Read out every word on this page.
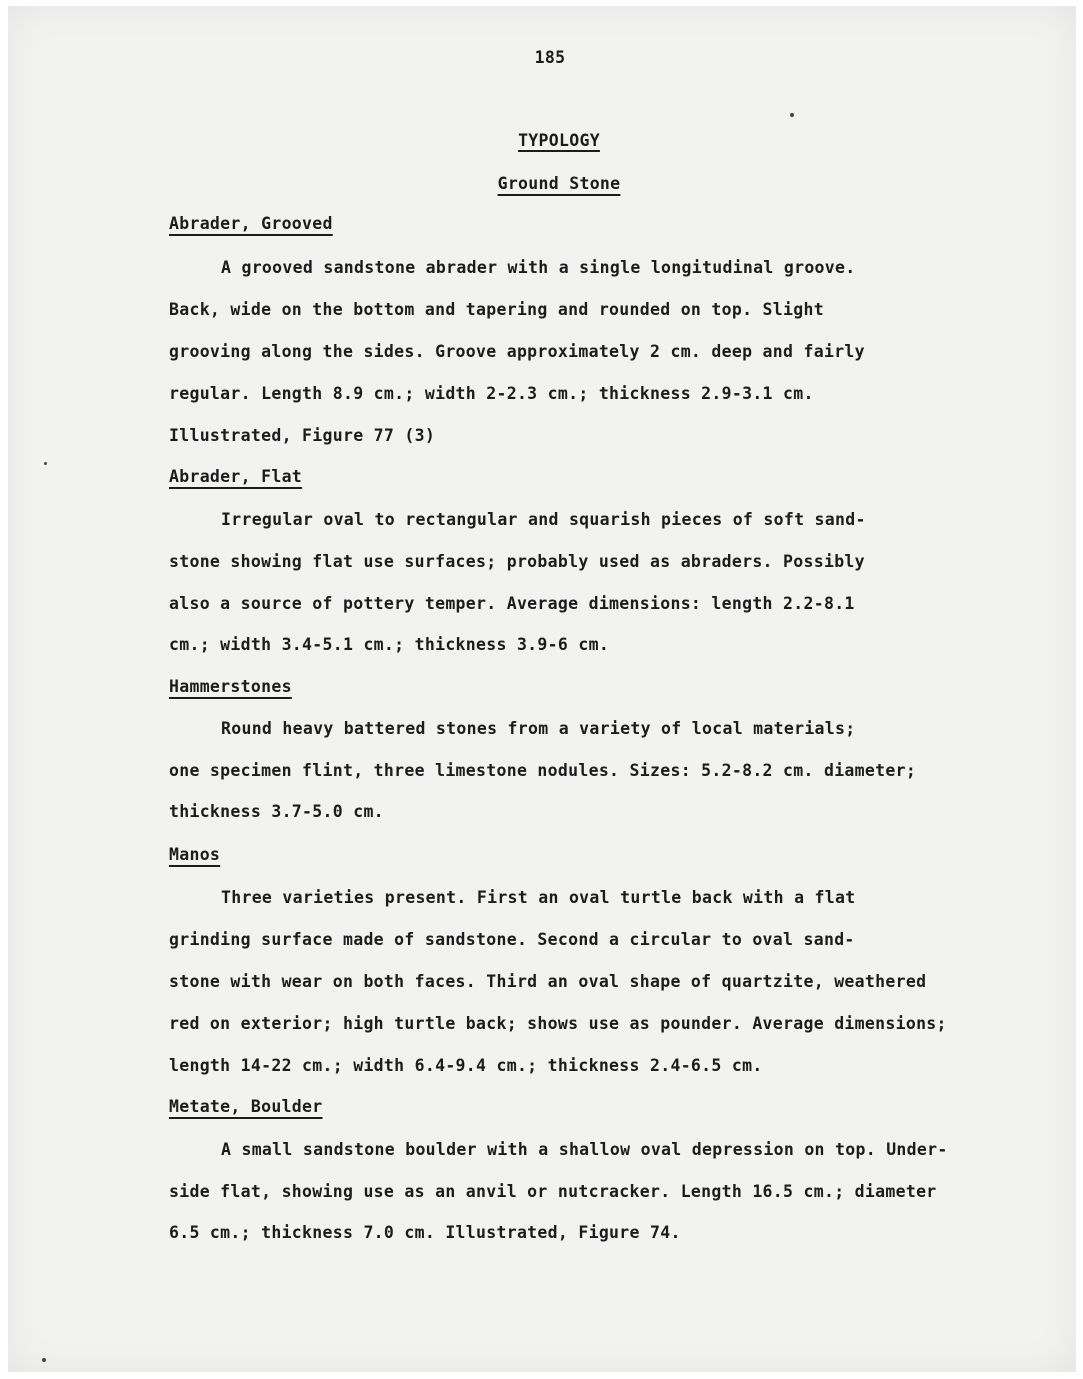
185
TYPOLOGY
Ground Stone
Abrader, Grooved
A grooved sandstone abrader with a single longitudinal groove.
Back, wide on the bottom and tapering and rounded on top. Slight
grooving along the sides. Groove approximately 2 cm. deep and fairly
regular. Length 8.9 cm.; width 2-2.3 cm.; thickness 2.9-3.1 cm.
Illustrated, Figure 77 (3)
Abrader, Flat
Irregular oval to rectangular and squarish pieces of soft sand-
stone showing flat use surfaces; probably used as abraders. Possibly
also a source of pottery temper. Average dimensions: length 2.2-8.1
cm.; width 3.4-5.1 cm.; thickness 3.9-6 cm.
Hammerstones
Round heavy battered stones from a variety of local materials;
one specimen flint, three limestone nodules. Sizes: 5.2-8.2 cm. diameter;
thickness 3.7-5.0 cm.
Manos
Three varieties present. First an oval turtle back with a flat
grinding surface made of sandstone. Second a circular to oval sand-
stone with wear on both faces. Third an oval shape of quartzite, weathered
red on exterior; high turtle back; shows use as pounder. Average dimensions;
length 14-22 cm.; width 6.4-9.4 cm.; thickness 2.4-6.5 cm.
Metate, Boulder
A small sandstone boulder with a shallow oval depression on top. Under-
side flat, showing use as an anvil or nutcracker. Length 16.5 cm.; diameter
6.5 cm.; thickness 7.0 cm. Illustrated, Figure 74.
